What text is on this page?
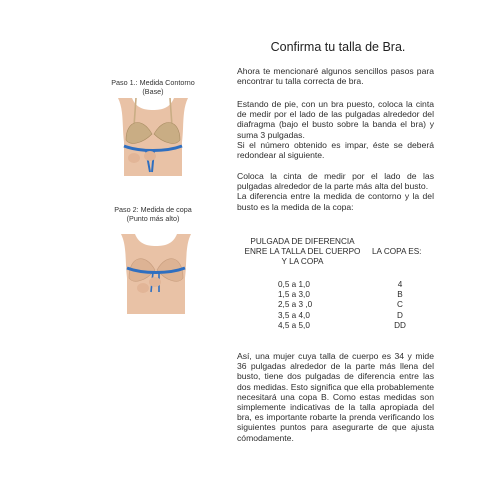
Paso 1.: Medida Contorno
(Base)
Paso 2: Medida de copa
(Punto más alto)
Confirma tu talla de Bra.

Ahora te mencionaré algunos sencillos pasos para encontrar tu talla correcta de bra.

Estando de pie, con un bra puesto, coloca la cinta de medir por el lado de las pulgadas alrededor del diafragma (bajo el busto sobre la banda el bra) y suma 3 pulgadas.

Si el número obtenido es impar, éste se deberá redondear al siguiente.

Coloca la cinta de medir por el lado de las pulgadas alrededor de la parte más alta del busto.

La diferencia entre la medida de contorno y la del busto es la medida de la copa:

PULGADA DE DIFERENCIA
ENRE LA TALLA DEL CUERPO
Y LA COPA
LA COPA ES:
0,5 a 1,0	4
1,5 a 3,0	B
2,5 a 3 ,0	C
3,5 a 4,0	D
4,5 a 5,0	DD

Así, una mujer cuya talla de cuerpo es 34 y mide 36 pulgadas alrededor de la parte más llena del busto, tiene dos pulgadas de diferencia entre las dos medidas. Esto significa que ella probablemente necesitará una copa B. Como estas medidas son simplemente indicativas de la talla apropiada del bra, es importante robarte la prenda verificando los siguientes puntos para asegurarte de que ajusta cómodamente.
